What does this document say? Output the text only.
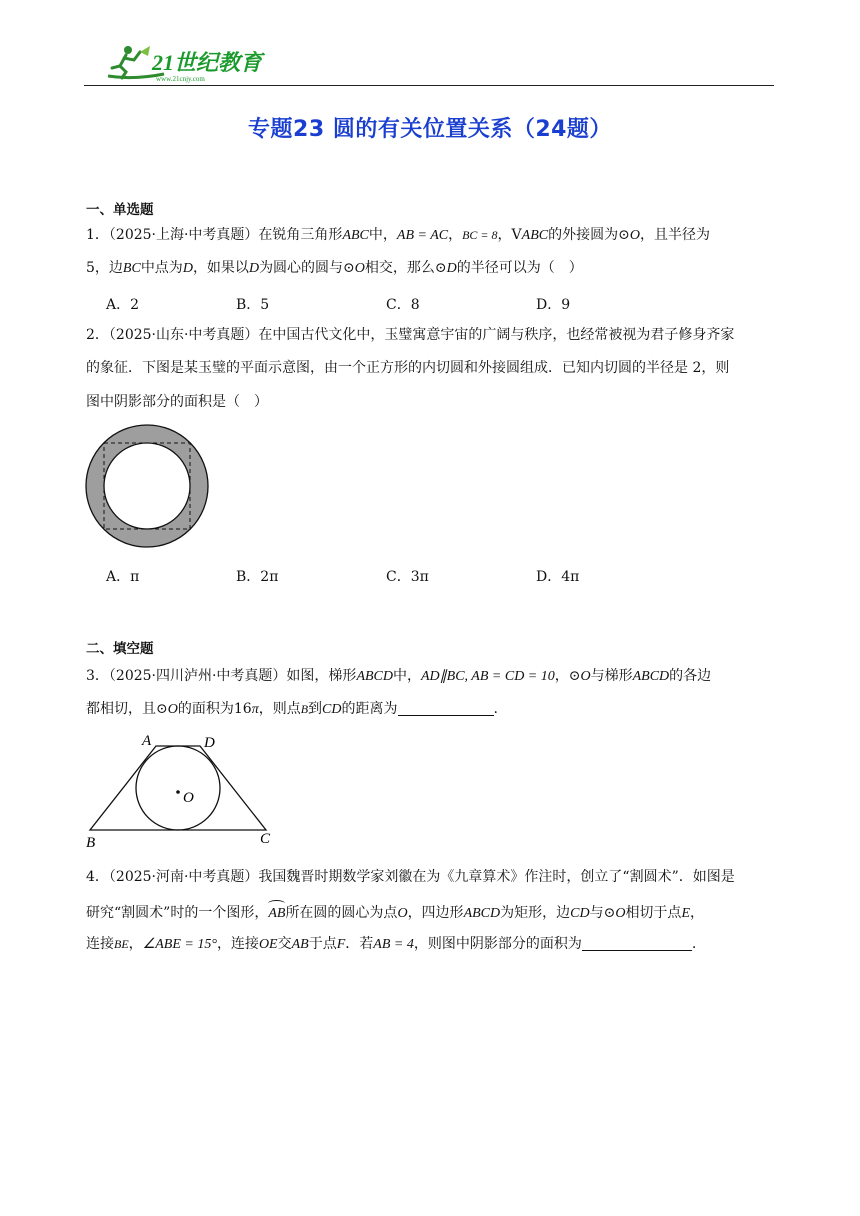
21世纪教育
www.21cnjy.com
专题23 圆的有关位置关系（24题）
一、单选题
1．（2025·上海·中考真题）在锐角三角形ABC中，AB = AC，BC = 8，VABC的外接圆为⊙O，且半径为
5，边BC中点为D，如果以D为圆心的圆与⊙O相交，那么⊙D的半径可以为（　）
A．2	B．5	C．8	D．9
2．（2025·山东·中考真题）在中国古代文化中，玉璧寓意宇宙的广阔与秩序，也经常被视为君子修身齐家
的象征．下图是某玉璧的平面示意图，由一个正方形的内切圆和外接圆组成．已知内切圆的半径是 2，则
图中阴影部分的面积是（　）
A．π	B．2π	C．3π	D．4π
二、填空题
3．（2025·四川泸州·中考真题）如图，梯形ABCD中，AD∥BC, AB = CD = 10，⊙O与梯形ABCD的各边
都相切，且⊙O的面积为16π，则点B到CD的距离为	.
A	D
B	C
O
4．（2025·河南·中考真题）我国魏晋时期数学家刘徽在为《九章算术》作注时，创立了“割圆术”．如图是
研究“割圆术”时的一个图形，
AB所在圆的圆心为点O，四边形ABCD为矩形，边CD与⊙O相切于点E，
连接BE，∠ABE = 15°，连接OE交AB于点F．若AB = 4，则图中阴影部分的面积为	.
